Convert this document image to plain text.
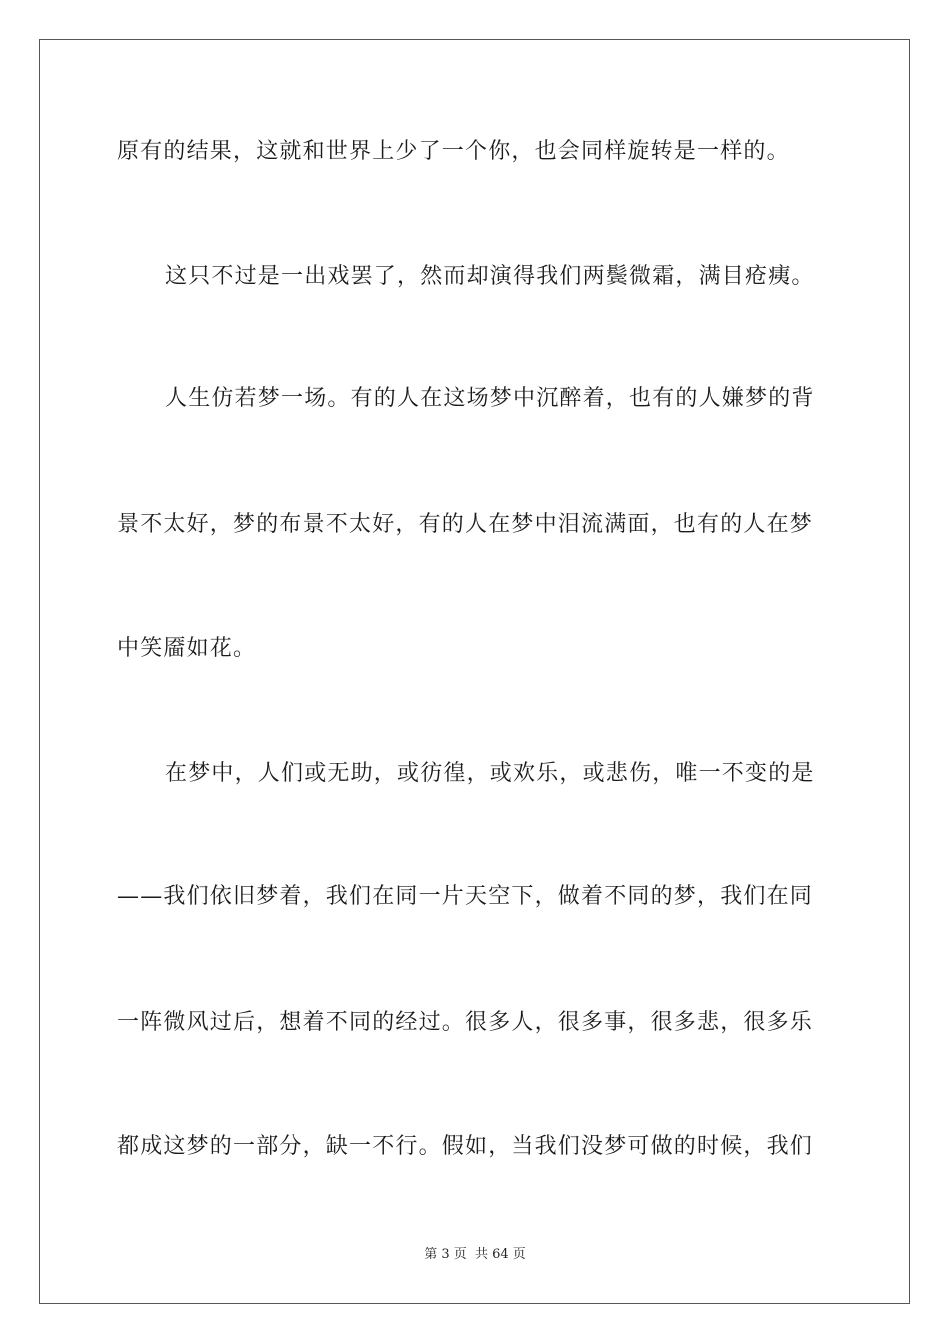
原有的结果，这就和世界上少了一个你，也会同样旋转是一样的。
这只不过是一出戏罢了，然而却演得我们两鬓微霜，满目疮痍。
人生仿若梦一场。有的人在这场梦中沉醉着，也有的人嫌梦的背
景不太好，梦的布景不太好，有的人在梦中泪流满面，也有的人在梦
中笑靥如花。
在梦中，人们或无助，或彷徨，或欢乐，或悲伤，唯一不变的是
——我们依旧梦着，我们在同一片天空下，做着不同的梦，我们在同
一阵微风过后，想着不同的经过。很多人，很多事，很多悲，很多乐
都成这梦的一部分，缺一不行。假如，当我们没梦可做的时候，我们
第 3 页 共 64 页
